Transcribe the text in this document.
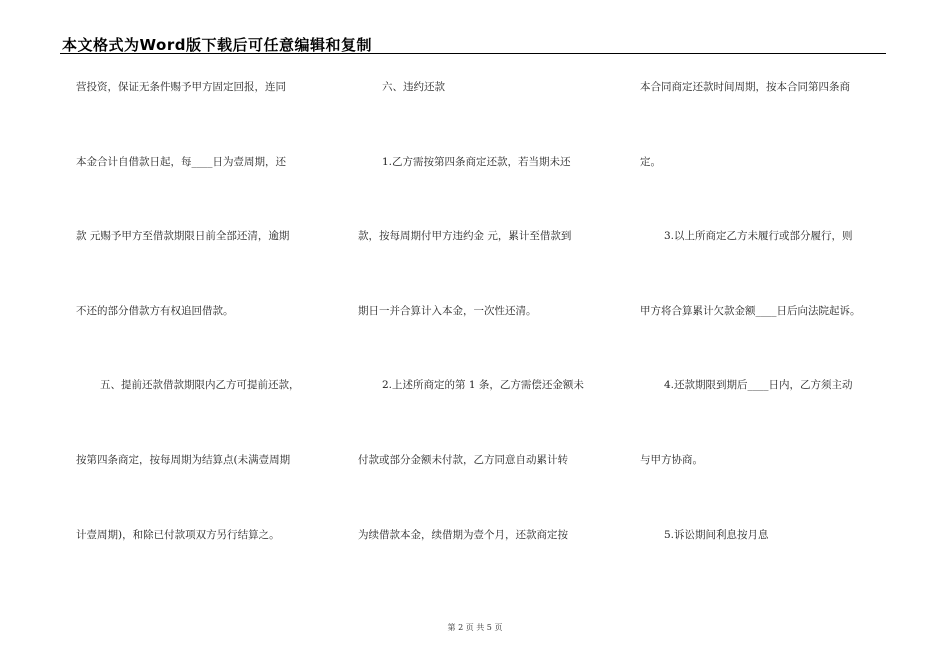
本文格式为Word版下载后可任意编辑和复制
营投资，保证无条件赐予甲方固定回报，连同
本金合计自借款日起，每____日为壹周期，还
款 元赐予甲方至借款期限日前全部还清，逾期
不还的部分借款方有权追回借款。
五、提前还款借款期限内乙方可提前还款，
按第四条商定，按每周期为结算点(未满壹周期
计壹周期)，和除已付款项双方另行结算之。
六、违约还款
1.乙方需按第四条商定还款，若当期未还
款，按每周期付甲方违约金 元，累计至借款到
期日一并合算计入本金，一次性还清。
2.上述所商定的第 1 条，乙方需偿还金额未
付款或部分金额未付款，乙方同意自动累计转
为续借款本金，续借期为壹个月，还款商定按
本合同商定还款时间周期，按本合同第四条商
定。
3.以上所商定乙方未履行或部分履行，则
甲方将合算累计欠款金额____日后向法院起诉。
4.还款期限到期后____日内，乙方须主动
与甲方协商。
5.诉讼期间利息按月息
第 2 页 共 5 页
